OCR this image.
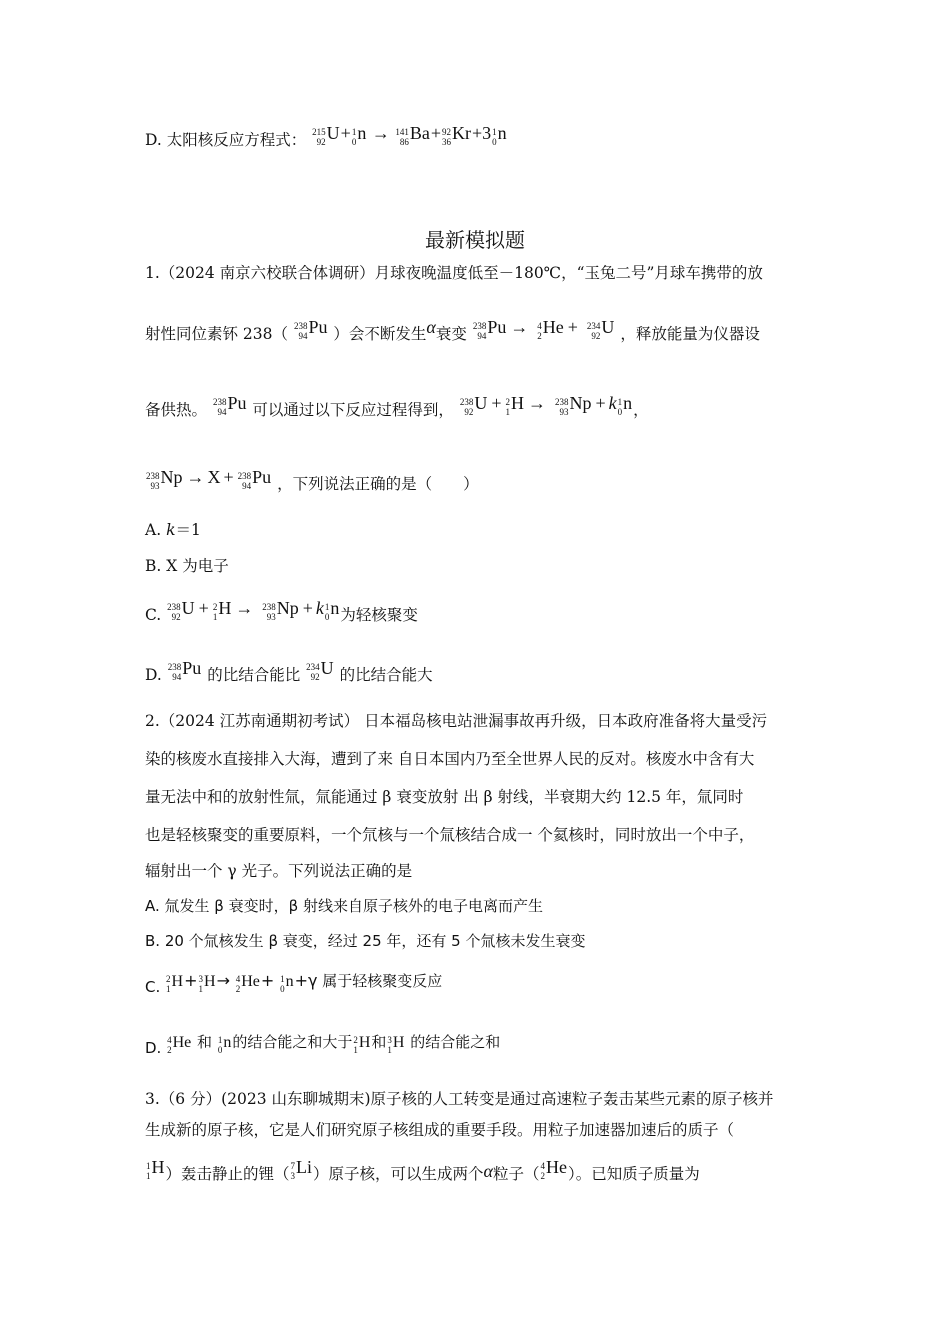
D. 太阳核反应方程式： 215
92 U+ 1
0 n → 141
86 Ba+ 92
36 Kr+3 1
0 n
最新模拟题
1.（2024 南京六校联合体调研）月球夜晚温度低至－180℃，“玉兔二号”月球车携带的放
射性同位素钚 238（ 238
94 Pu ）会不断发生α衰变 238
94 Pu → 4
2 He + 234
92 U ，释放能量为仪器设
备供热。 238
94 Pu 可以通过以下反应过程得到， 238
92 U + 2
1 H → 238
93 Np + k 1
0 n，
238
93 Np → X + 238
94 Pu ，下列说法正确的是（　　）
A. k＝1
B. X 为电子
C. 238
92 U + 2
1 H → 238
93 Np + k 1
0 n为轻核聚变
D. 238
94 Pu 的比结合能比 234
92 U 的比结合能大
2.（2024 江苏南通期初考试） 日本福岛核电站泄漏事故再升级，日本政府准备将大量受污
染的核废水直接排入大海，遭到了来 自日本国内乃至全世界人民的反对。核废水中含有大
量无法中和的放射性氚，氚能通过 β 衰变放射 出 β 射线，半衰期大约 12.5 年，氚同时
也是轻核聚变的重要原料，一个氘核与一个氚核结合成一 个氦核时，同时放出一个中子，
辐射出一个 γ 光子。下列说法正确的是
A. 氚发生 β 衰变时，β 射线来自原子核外的电子电离而产生
B. 20 个氚核发生 β 衰变，经过 25 年，还有 5 个氚核未发生衰变
C. 2
1 H+ 3
1 H→ 4
2 He+ 1
0 n+γ 属于轻核聚变反应
D. 4
2 He 和 1
0 n的结合能之和大于 2
1 H和 3
1 H 的结合能之和
3.（6 分）(2023 山东聊城期末)原子核的人工转变是通过高速粒子轰击某些元素的原子核并
生成新的原子核，它是人们研究原子核组成的重要手段。用粒子加速器加速后的质子（
1
1 H）轰击静止的锂（ 7
3 Li）原子核，可以生成两个α粒子（ 4
2 He）。已知质子质量为
